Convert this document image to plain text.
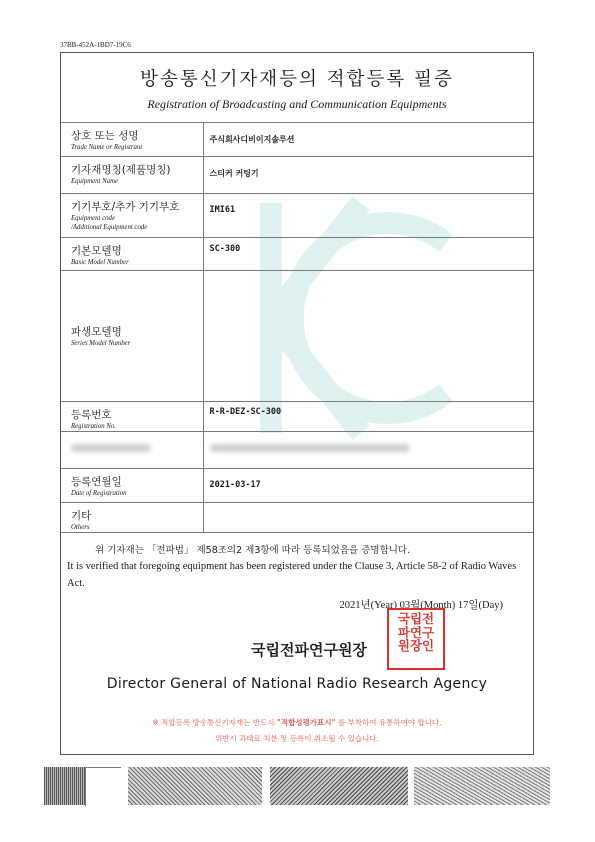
37BB-452A-1BD7-19C6
방송통신기자재등의 적합등록 필증
Registration of Broadcasting and Communication Equipments
상호 또는 성명
Trade Name or Registrant	주식회사디비이지솔루션

기자재명칭(제품명칭)
Equipment Name	스티커 커팅기

기기부호/추가 기기부호
Equipment code
/Additional Equipment code	IMI61

기본모델명
Basic Model Number	SC-300

파생모델명
Series Model Number	

등록번호
Registration No.	R-R-DEZ-SC-300

등록연월일
Date of Registration	2021-03-17

기타
Others	

위 기자재는 「전파법」 제58조의2 제3항에 따라 등록되었음을 증명합니다.
It is verified that foregoing equipment has been registered under the Clause 3, Article 58-2 of Radio Waves Act.
2021년(Year) 03월(Month) 17일(Day)
국립전파연구원장
국립전
파연구
원장인
Director General of National Radio Research Agency
※ 적합등록 방송통신기자재는 반드시 "적합성평가표시" 를 부착하여 유통하여야 합니다.
위반시 과태료 처분 및 등록이 취소될 수 있습니다.
